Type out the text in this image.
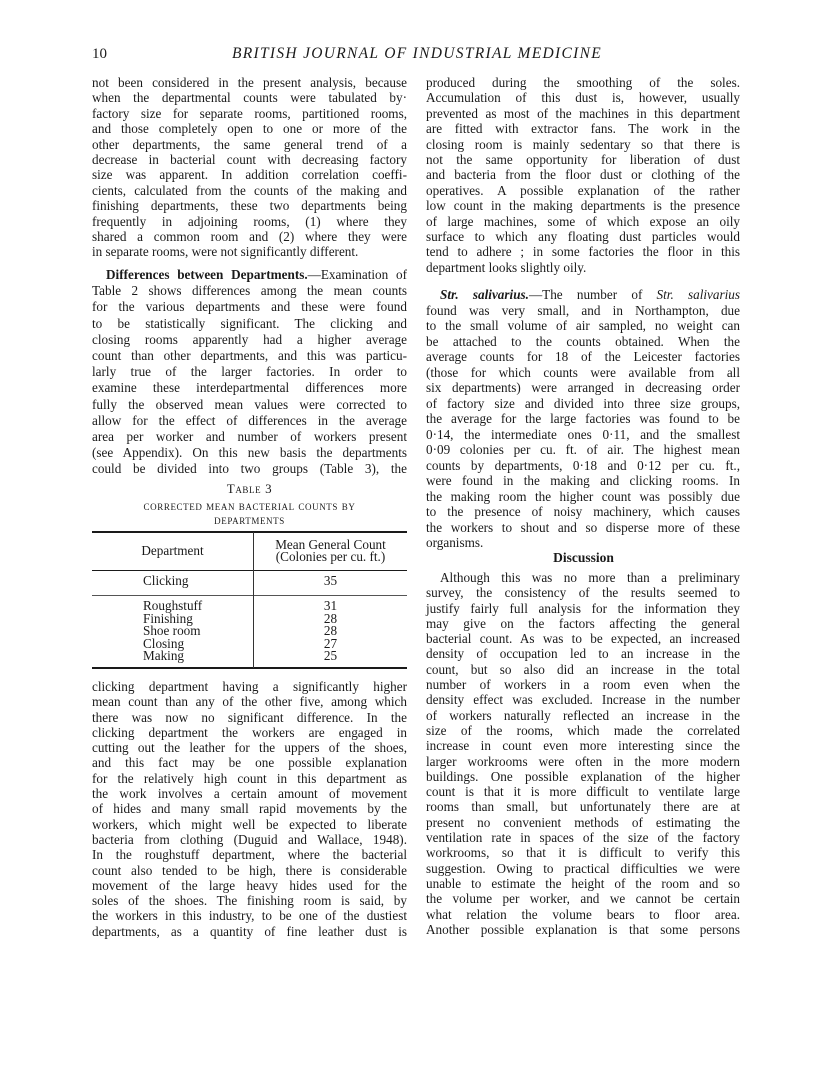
10	BRITISH JOURNAL OF INDUSTRIAL MEDICINE
not been considered in the present analysis, because
when the departmental counts were tabulated by·
factory size for separate rooms, partitioned rooms,
and those completely open to one or more of the
other departments, the same general trend of a
decrease in bacterial count with decreasing factory
size was apparent. In addition correlation coeffi-
cients, calculated from the counts of the making and
finishing departments, these two departments being
frequently in adjoining rooms, (1) where they
shared a common room and (2) where they were
in separate rooms, were not significantly different.
Differences between Departments.—Examination of
Table 2 shows differences among the mean counts
for the various departments and these were found
to be statistically significant. The clicking and
closing rooms apparently had a higher average
count than other departments, and this was particu-
larly true of the larger factories. In order to
examine these interdepartmental differences more
fully the observed mean values were corrected to
allow for the effect of differences in the average
area per worker and number of workers present
(see Appendix). On this new basis the departments
could be divided into two groups (Table 3), the
Table 3
corrected mean bacterial counts by
departments
Department	Mean General Count
(Colonies per cu. ft.)
Clicking	35
Roughstuff	31
Finishing	28
Shoe room	28
Closing	27
Making	25
clicking department having a significantly higher
mean count than any of the other five, among which
there was now no significant difference. In the
clicking department the workers are engaged in
cutting out the leather for the uppers of the shoes,
and this fact may be one possible explanation
for the relatively high count in this department as
the work involves a certain amount of movement
of hides and many small rapid movements by the
workers, which might well be expected to liberate
bacteria from clothing (Duguid and Wallace, 1948).
In the roughstuff department, where the bacterial
count also tended to be high, there is considerable
movement of the large heavy hides used for the
soles of the shoes. The finishing room is said, by
the workers in this industry, to be one of the dustiest
departments, as a quantity of fine leather dust is
produced during the smoothing of the soles.
Accumulation of this dust is, however, usually
prevented as most of the machines in this department
are fitted with extractor fans. The work in the
closing room is mainly sedentary so that there is
not the same opportunity for liberation of dust
and bacteria from the floor dust or clothing of the
operatives. A possible explanation of the rather
low count in the making departments is the presence
of large machines, some of which expose an oily
surface to which any floating dust particles would
tend to adhere ; in some factories the floor in this
department looks slightly oily.
Str. salivarius.—The number of Str. salivarius
found was very small, and in Northampton, due
to the small volume of air sampled, no weight can
be attached to the counts obtained. When the
average counts for 18 of the Leicester factories
(those for which counts were available from all
six departments) were arranged in decreasing order
of factory size and divided into three size groups,
the average for the large factories was found to be
0·14, the intermediate ones 0·11, and the smallest
0·09 colonies per cu. ft. of air. The highest mean
counts by departments, 0·18 and 0·12 per cu. ft.,
were found in the making and clicking rooms. In
the making room the higher count was possibly due
to the presence of noisy machinery, which causes
the workers to shout and so disperse more of these
organisms.
Discussion
Although this was no more than a preliminary
survey, the consistency of the results seemed to
justify fairly full analysis for the information they
may give on the factors affecting the general
bacterial count. As was to be expected, an increased
density of occupation led to an increase in the
count, but so also did an increase in the total
number of workers in a room even when the
density effect was excluded. Increase in the number
of workers naturally reflected an increase in the
size of the rooms, which made the correlated
increase in count even more interesting since the
larger workrooms were often in the more modern
buildings. One possible explanation of the higher
count is that it is more difficult to ventilate large
rooms than small, but unfortunately there are at
present no convenient methods of estimating the
ventilation rate in spaces of the size of the factory
workrooms, so that it is difficult to verify this
suggestion. Owing to practical difficulties we were
unable to estimate the height of the room and so
the volume per worker, and we cannot be certain
what relation the volume bears to floor area.
Another possible explanation is that some persons
